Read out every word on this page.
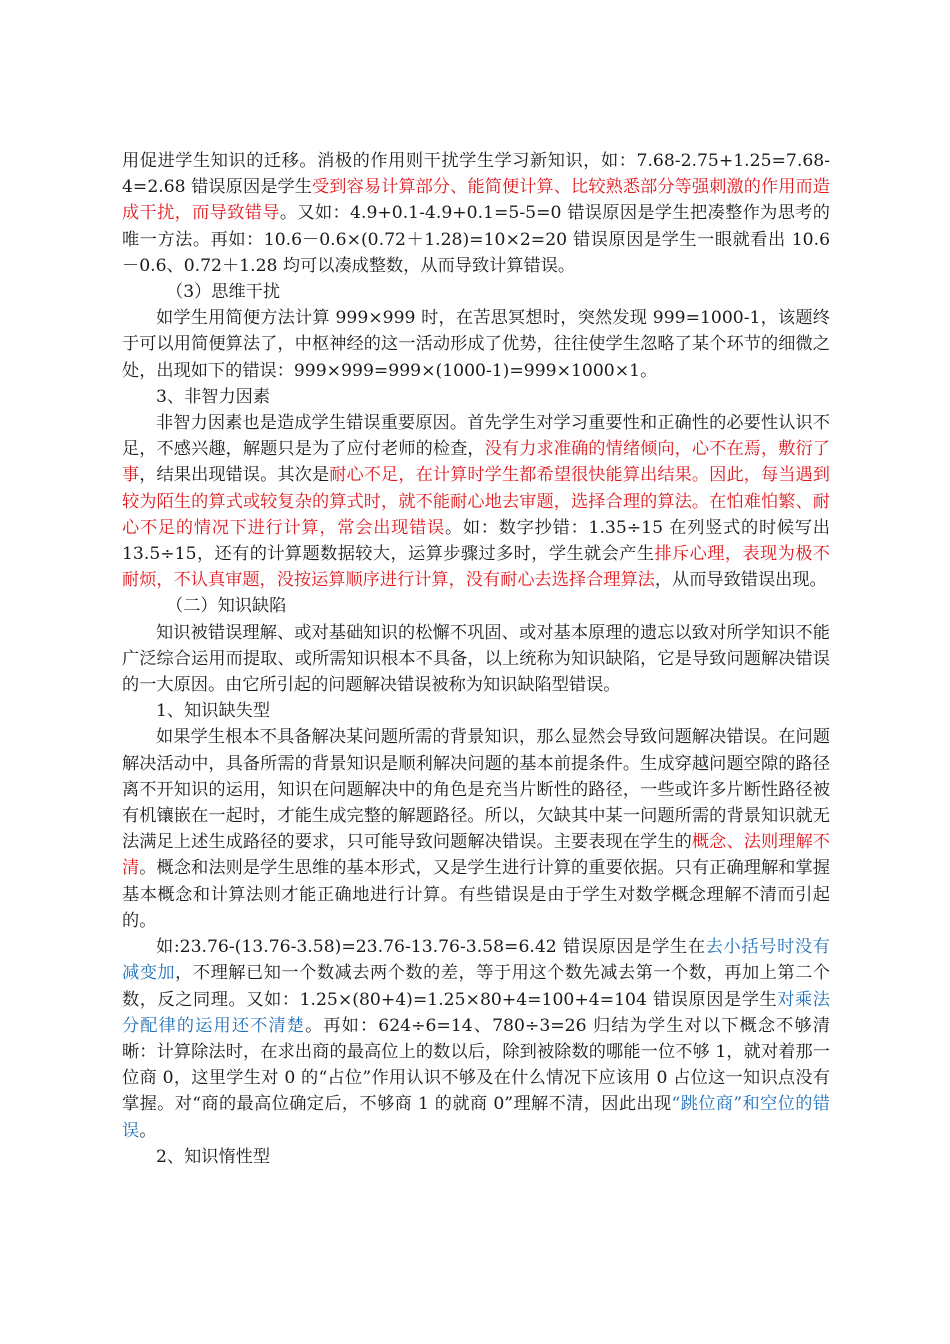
用促进学生知识的迁移。消极的作用则干扰学生学习新知识，如：7.68-2.75+1.25=7.68-4=2.68 错误原因是学生受到容易计算部分、能简便计算、比较熟悉部分等强刺激的作用而造成干扰，而导致错导。又如：4.9+0.1-4.9+0.1=5-5=0 错误原因是学生把凑整作为思考的唯一方法。再如：10.6－0.6×(0.72＋1.28)=10×2=20 错误原因是学生一眼就看出 10.6－0.6、0.72＋1.28 均可以凑成整数，从而导致计算错误。

（3）思维干扰

如学生用简便方法计算 999×999 时，在苦思冥想时，突然发现 999=1000-1，该题终于可以用简便算法了，中枢神经的这一活动形成了优势，往往使学生忽略了某个环节的细微之处，出现如下的错误：999×999=999×(1000-1)=999×1000×1。

3、非智力因素

非智力因素也是造成学生错误重要原因。首先学生对学习重要性和正确性的必要性认识不足，不感兴趣，解题只是为了应付老师的检查，没有力求准确的情绪倾向，心不在焉，敷衍了事，结果出现错误。其次是耐心不足，在计算时学生都希望很快能算出结果。因此，每当遇到较为陌生的算式或较复杂的算式时，就不能耐心地去审题，选择合理的算法。在怕难怕繁、耐心不足的情况下进行计算，常会出现错误。如：数字抄错：1.35÷15 在列竖式的时候写出 13.5÷15，还有的计算题数据较大，运算步骤过多时，学生就会产生排斥心理，表现为极不耐烦，不认真审题，没按运算顺序进行计算，没有耐心去选择合理算法，从而导致错误出现。

（二）知识缺陷

知识被错误理解、或对基础知识的松懈不巩固、或对基本原理的遗忘以致对所学知识不能广泛综合运用而提取、或所需知识根本不具备，以上统称为知识缺陷，它是导致问题解决错误的一大原因。由它所引起的问题解决错误被称为知识缺陷型错误。

1、知识缺失型

如果学生根本不具备解决某问题所需的背景知识，那么显然会导致问题解决错误。在问题解决活动中，具备所需的背景知识是顺利解决问题的基本前提条件。生成穿越问题空隙的路径离不开知识的运用，知识在问题解决中的角色是充当片断性的路径，一些或许多片断性路径被有机镶嵌在一起时，才能生成完整的解题路径。所以，欠缺其中某一问题所需的背景知识就无法满足上述生成路径的要求，只可能导致问题解决错误。主要表现在学生的概念、法则理解不清。概念和法则是学生思维的基本形式，又是学生进行计算的重要依据。只有正确理解和掌握基本概念和计算法则才能正确地进行计算。有些错误是由于学生对数学概念理解不清而引起的。

如:23.76-(13.76-3.58)=23.76-13.76-3.58=6.42 错误原因是学生在去小括号时没有减变加，不理解已知一个数减去两个数的差，等于用这个数先减去第一个数，再加上第二个数，反之同理。又如：1.25×(80+4)=1.25×80+4=100+4=104 错误原因是学生对乘法分配律的运用还不清楚。再如：624÷6=14、780÷3=26 归结为学生对以下概念不够清晰：计算除法时，在求出商的最高位上的数以后，除到被除数的哪能一位不够 1，就对着那一位商 0，这里学生对 0 的“占位”作用认识不够及在什么情况下应该用 0 占位这一知识点没有掌握。对“商的最高位确定后，不够商 1 的就商 0”理解不清，因此出现“跳位商”和空位的错误。

2、知识惰性型
